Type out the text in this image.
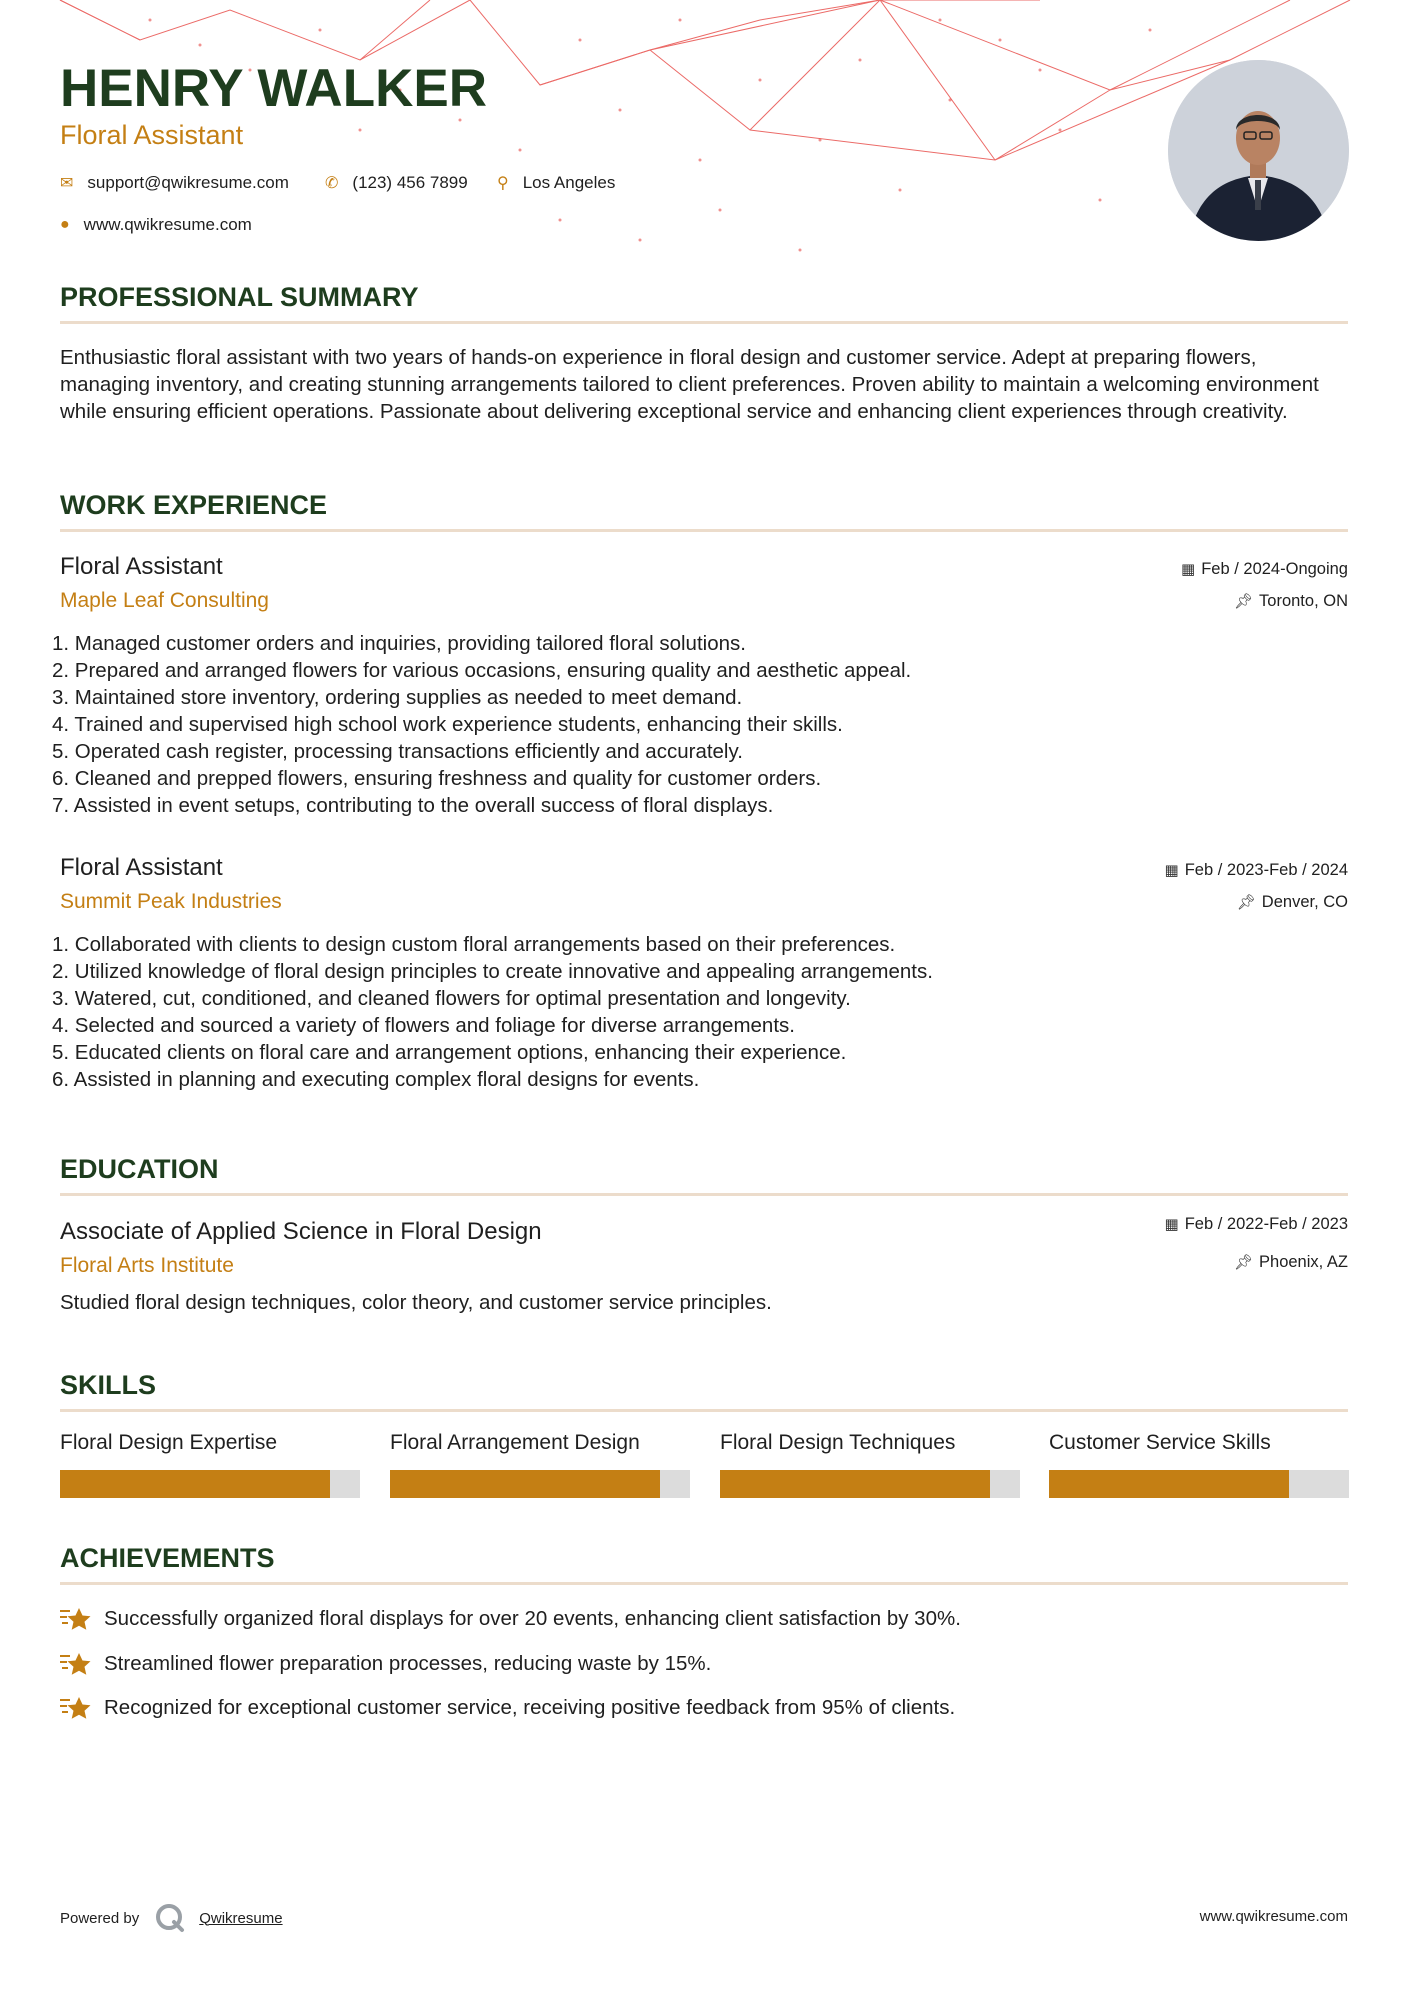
HENRY WALKER
Floral Assistant
✉ support@qwikresume.com ✆ (123) 456 7899 ⚲ Los Angeles
● www.qwikresume.com
PROFESSIONAL SUMMARY
Enthusiastic floral assistant with two years of hands-on experience in floral design and customer service. Adept at preparing flowers, managing inventory, and creating stunning arrangements tailored to client preferences. Proven ability to maintain a welcoming environment while ensuring efficient operations. Passionate about delivering exceptional service and enhancing client experiences through creativity.
WORK EXPERIENCE
Floral Assistant
Maple Leaf Consulting
▦ Feb / 2024-Ongoing
📌︎ Toronto, ON
1. Managed customer orders and inquiries, providing tailored floral solutions.
2. Prepared and arranged flowers for various occasions, ensuring quality and aesthetic appeal.
3. Maintained store inventory, ordering supplies as needed to meet demand.
4. Trained and supervised high school work experience students, enhancing their skills.
5. Operated cash register, processing transactions efficiently and accurately.
6. Cleaned and prepped flowers, ensuring freshness and quality for customer orders.
7. Assisted in event setups, contributing to the overall success of floral displays.
Floral Assistant
Summit Peak Industries
▦ Feb / 2023-Feb / 2024
📌︎ Denver, CO
1. Collaborated with clients to design custom floral arrangements based on their preferences.
2. Utilized knowledge of floral design principles to create innovative and appealing arrangements.
3. Watered, cut, conditioned, and cleaned flowers for optimal presentation and longevity.
4. Selected and sourced a variety of flowers and foliage for diverse arrangements.
5. Educated clients on floral care and arrangement options, enhancing their experience.
6. Assisted in planning and executing complex floral designs for events.
EDUCATION
Associate of Applied Science in Floral Design
Floral Arts Institute
▦ Feb / 2022-Feb / 2023
📌︎ Phoenix, AZ
Studied floral design techniques, color theory, and customer service principles.
SKILLS
Floral Design Expertise	Floral Arrangement Design	Floral Design Techniques	Customer Service Skills
ACHIEVEMENTS
Successfully organized floral displays for over 20 events, enhancing client satisfaction by 30%.
Streamlined flower preparation processes, reducing waste by 15%.
Recognized for exceptional customer service, receiving positive feedback from 95% of clients.
Powered by	Qwikresume	www.qwikresume.com
